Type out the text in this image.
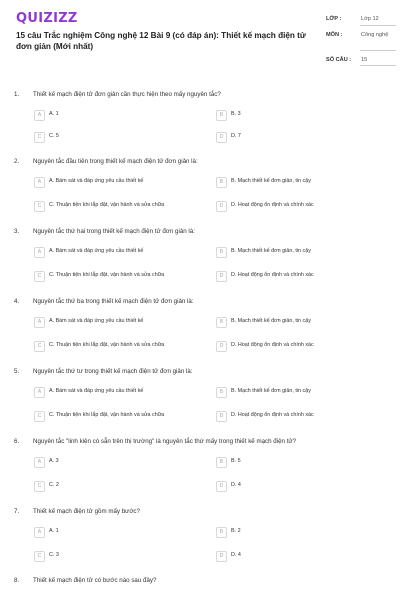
QUIZIZZ
15 câu Trắc nghiệm Công nghệ 12 Bài 9 (có đáp án): Thiết kế mạch điện tử đơn giản (Mới nhất)
LỚP :	Lớp 12
MÔN :	Công nghệ
SỐ CÂU : 15
1. Thiết kế mạch điện tử đơn giản cần thực hiện theo mấy nguyên tắc?
A	A. 1	B	B. 3
C	C. 5	D	D. 7
2. Nguyên tắc đầu tiên trong thiết kế mạch điện tử đơn giản là:
A	A. Bám sát và đáp ứng yêu cầu thiết kế	B	B. Mạch thiết kế đơn giản, tin cậy
C	C. Thuận tiện khi lắp đặt, vận hành và sửa chữa	D	D. Hoạt động ổn định và chính xác
3. Nguyên tắc thứ hai trong thiết kế mạch điện tử đơn giản là:
A	A. Bám sát và đáp ứng yêu cầu thiết kế	B	B. Mạch thiết kế đơn giản, tin cậy
C	C. Thuận tiện khi lắp đặt, vận hành và sửa chữa	D	D. Hoạt động ổn định và chính xác
4. Nguyên tắc thứ ba trong thiết kế mạch điện tử đơn giản là:
A	A. Bám sát và đáp ứng yêu cầu thiết kế	B	B. Mạch thiết kế đơn giản, tin cậy
C	C. Thuận tiện khi lắp đặt, vận hành và sửa chữa	D	D. Hoạt động ổn định và chính xác
5. Nguyên tắc thứ tư trong thiết kế mạch điện tử đơn giản là:
A	A. Bám sát và đáp ứng yêu cầu thiết kế	B	B. Mạch thiết kế đơn giản, tin cậy
C	C. Thuận tiện khi lắp đặt, vận hành và sửa chữa	D	D. Hoạt động ổn định và chính xác
6. Nguyên tắc "linh kiện có sẵn trên thị trường" là nguyên tắc thứ mấy trong thiết kế mạch điện tử?
A	A. 3	B	B. 5
C	C. 2	D	D. 4
7. Thiết kế mạch điện tử gồm mấy bước?
A	A. 1	B	B. 2
C	C. 3	D	D. 4
8. Thiết kế mạch điện tử có bước nào sau đây?
